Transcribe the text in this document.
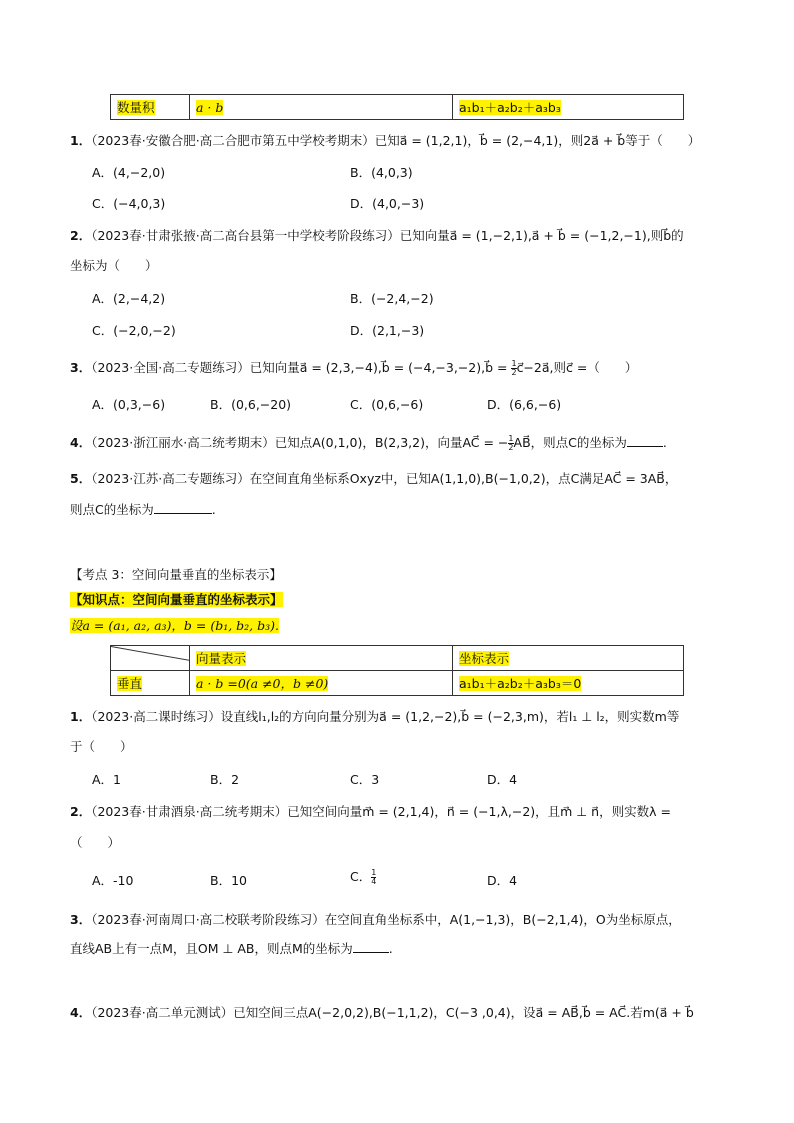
数量积	a · b	a₁b₁＋a₂b₂＋a₃b₃
1．（2023春·安徽合肥·高二合肥市第五中学校考期末）已知a⃗ = (1,2,1)，b⃗ = (2,−4,1)，则2a⃗ + b⃗等于（　　）
A．(4,−2,0)	B．(4,0,3)
C．(−4,0,3)	D．(4,0,−3)
2．（2023春·甘肃张掖·高二高台县第一中学校考阶段练习）已知向量a⃗ = (1,−2,1),a⃗ + b⃗ = (−1,2,−1),则b⃗的
坐标为（　　）
A．(2,−4,2)	B．(−2,4,−2)
C．(−2,0,−2)	D．(2,1,−3)
3．（2023·全国·高二专题练习）已知向量a⃗ = (2,3,−4),b⃗ = (−4,−3,−2),b⃗ = $\frac{1}{2}$ c⃗−2a⃗,则c⃗ =（　　）
A．(0,3,−6)	B．(0,6,−20)	C．(0,6,−6)	D．(6,6,−6)
4．（2023·浙江丽水·高二统考期末）已知点A(0,1,0)，B(2,3,2)，向量AC⃗ = − $\frac{1}{2}$ AB⃗，则点C的坐标为	.
5．（2023·江苏·高二专题练习）在空间直角坐标系Oxyz中，已知A(1,1,0),B(−1,0,2)，点C满足AC⃗ = 3AB⃗，
则点C的坐标为	.
【考点 3：空间向量垂直的坐标表示】
【知识点：空间向量垂直的坐标表示】
设a = (a₁, a₂, a₃)，b = (b₁, b₂, b₃).
	向量表示	坐标表示
垂直	a · b =0(a ≠0，b ≠0)	a₁b₁＋a₂b₂＋a₃b₃＝0
1．（2023·高二课时练习）设直线l₁,l₂的方向向量分别为a⃗ = (1,2,−2),b⃗ = (−2,3,m)，若l₁ ⊥ l₂，则实数m等
于（　　）
A．1	B．2	C．3	D．4
2．（2023春·甘肃酒泉·高二统考期末）已知空间向量m⃗ = (2,1,4)，n⃗ = (−1,λ,−2)，且m⃗ ⊥ n⃗，则实数λ =
（　　）
A．-10	B．10	C． $\frac{1}{4}$	D．4
3．（2023春·河南周口·高二校联考阶段练习）在空间直角坐标系中，A(1,−1,3)，B(−2,1,4)，O为坐标原点，
直线AB上有一点M，且OM ⊥ AB，则点M的坐标为	.
4．（2023春·高二单元测试）已知空间三点A(−2,0,2),B(−1,1,2)，C(−3 ,0,4)，设a⃗ = AB⃗,b⃗ = AC⃗.若m(a⃗ + b⃗
